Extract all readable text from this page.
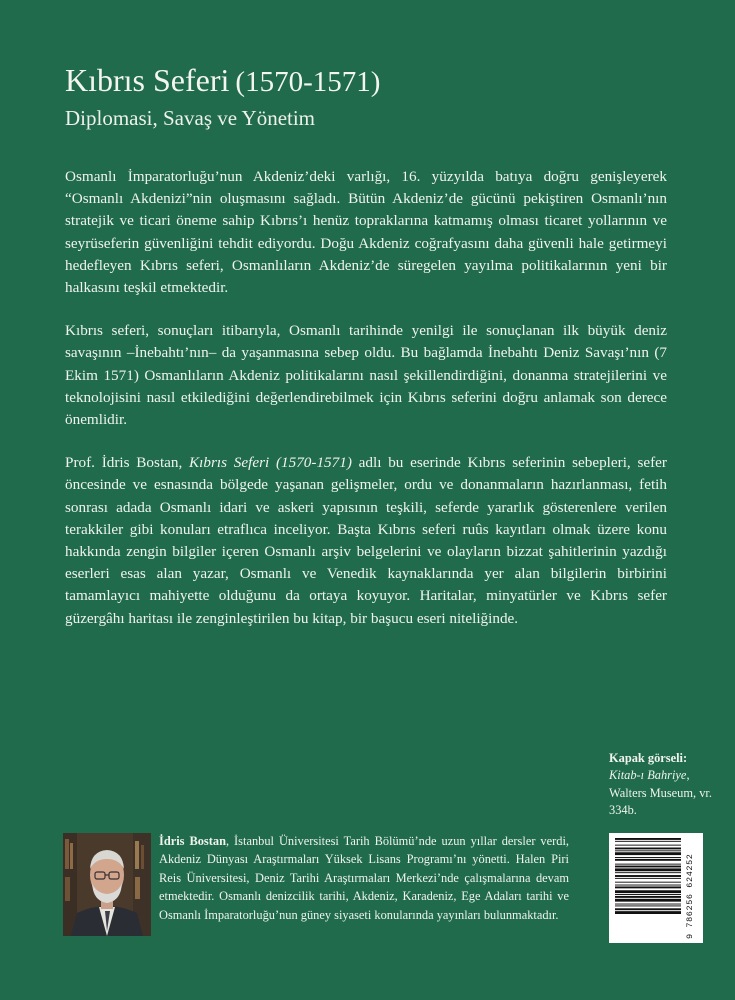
Kıbrıs Seferi (1570-1571)
Diplomasi, Savaş ve Yönetim

Osmanlı İmparatorluğu’nun Akdeniz’deki varlığı, 16. yüzyılda batıya doğru genişleyerek “Osmanlı Akdenizi”nin oluşmasını sağladı. Bütün Akdeniz’de gücünü pekiştiren Osmanlı’nın stratejik ve ticari öneme sahip Kıbrıs’ı henüz topraklarına katmamış olması ticaret yollarının ve seyrüseferin güvenliğini tehdit ediyordu. Doğu Akdeniz coğrafyasını daha güvenli hale getirmeyi hedefleyen Kıbrıs seferi, Osmanlıların Akdeniz’de süregelen yayılma politikalarının yeni bir halkasını teşkil etmektedir.

Kıbrıs seferi, sonuçları itibarıyla, Osmanlı tarihinde yenilgi ile sonuçlanan ilk büyük deniz savaşının –İnebahtı’nın– da yaşanmasına sebep oldu. Bu bağlamda İnebahtı Deniz Savaşı’nın (7 Ekim 1571) Osmanlıların Akdeniz politikalarını nasıl şekillendirdiğini, donanma stratejilerini ve teknolojisini nasıl etkilediğini değerlendirebilmek için Kıbrıs seferini doğru anlamak son derece önemlidir.

Prof. İdris Bostan, Kıbrıs Seferi (1570-1571) adlı bu eserinde Kıbrıs seferinin sebepleri, sefer öncesinde ve esnasında bölgede yaşanan gelişmeler, ordu ve donanmaların hazırlanması, fetih sonrası adada Osmanlı idari ve askeri yapısının teşkili, seferde yararlık gösterenlere verilen terakkiler gibi konuları etraflıca inceliyor. Başta Kıbrıs seferi ruûs kayıtları olmak üzere konu hakkında zengin bilgiler içeren Osmanlı arşiv belgelerini ve olayların bizzat şahitlerinin yazdığı eserleri esas alan yazar, Osmanlı ve Venedik kaynaklarında yer alan bilgilerin birbirini tamamlayıcı mahiyette olduğunu da ortaya koyuyor. Haritalar, minyatürler ve Kıbrıs sefer güzergâhı haritası ile zenginleştirilen bu kitap, bir başucu eseri niteliğinde.

Kapak görseli:
Kitab-ı Bahriye, Walters Museum, vr. 334b.
İdris Bostan, İstanbul Üniversitesi Tarih Bölümü’nde uzun yıllar dersler verdi, Akdeniz Dünyası Araştırmaları Yüksek Lisans Programı’nı yönetti. Halen Piri Reis Üniversitesi, Deniz Tarihi Araştırmaları Merkezi’nde çalışmalarına devam etmektedir. Osmanlı denizcilik tarihi, Akdeniz, Karadeniz, Ege Adaları tarihi ve Osmanlı İmparatorluğu’nun güney siyaseti konularında yayınları bulunmaktadır.	9 786256 624252
